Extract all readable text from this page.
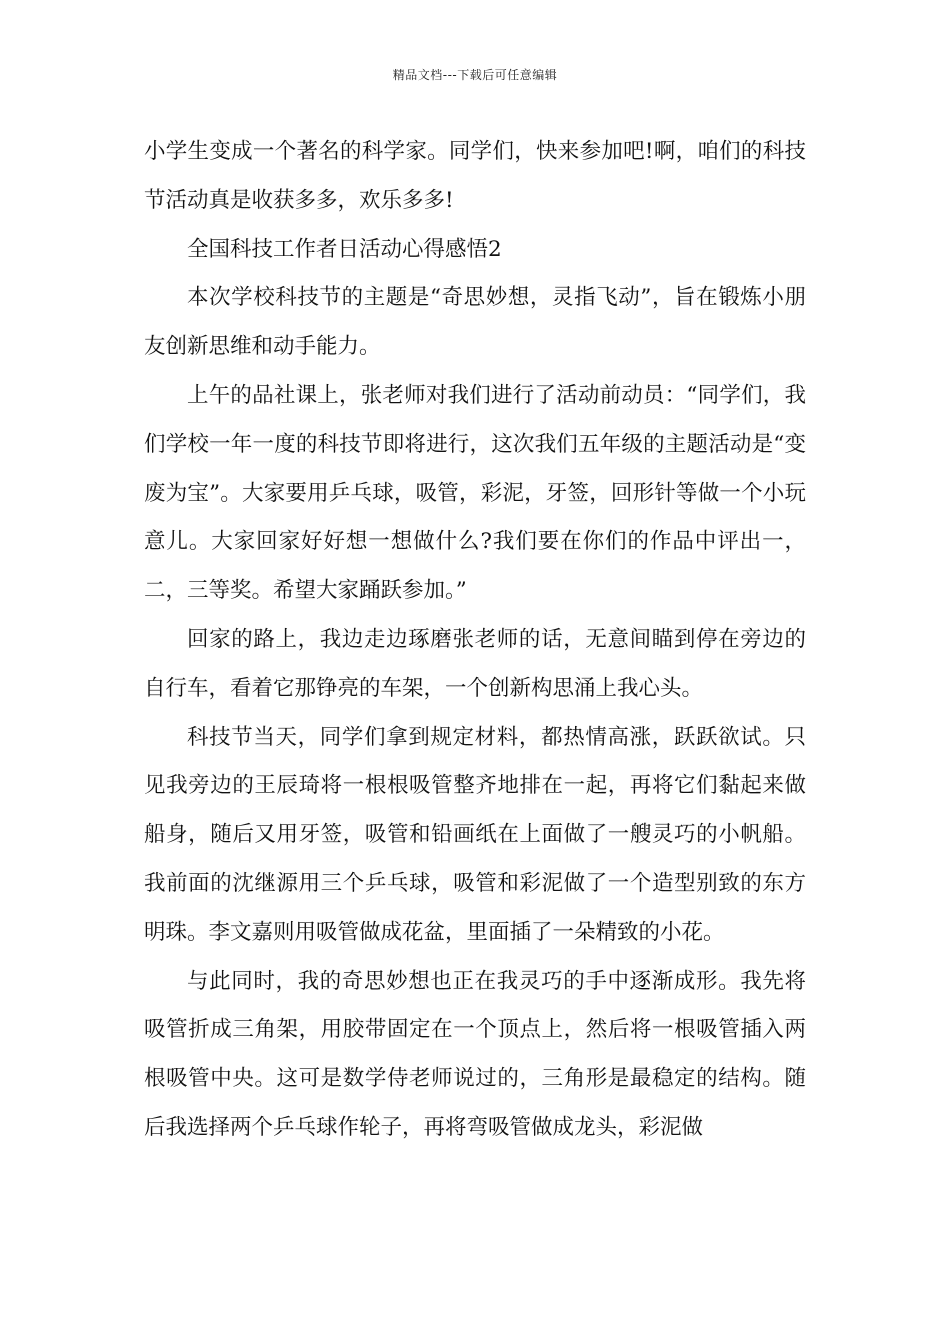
精品文档---下载后可任意编辑

小学生变成一个著名的科学家。同学们，快来参加吧!啊，咱们的科技节活动真是收获多多，欢乐多多!

全国科技工作者日活动心得感悟2

本次学校科技节的主题是“奇思妙想，灵指飞动”，旨在锻炼小朋友创新思维和动手能力。

上午的品社课上，张老师对我们进行了活动前动员：“同学们，我们学校一年一度的科技节即将进行，这次我们五年级的主题活动是“变废为宝”。大家要用乒乓球，吸管，彩泥，牙签，回形针等做一个小玩意儿。大家回家好好想一想做什么?我们要在你们的作品中评出一，二，三等奖。希望大家踊跃参加。”

回家的路上，我边走边琢磨张老师的话，无意间瞄到停在旁边的自行车，看着它那铮亮的车架，一个创新构思涌上我心头。

科技节当天，同学们拿到规定材料，都热情高涨，跃跃欲试。只见我旁边的王辰琦将一根根吸管整齐地排在一起，再将它们黏起来做船身，随后又用牙签，吸管和铅画纸在上面做了一艘灵巧的小帆船。我前面的沈继源用三个乒乓球，吸管和彩泥做了一个造型别致的东方明珠。李文嘉则用吸管做成花盆，里面插了一朵精致的小花。

与此同时，我的奇思妙想也正在我灵巧的手中逐渐成形。我先将吸管折成三角架，用胶带固定在一个顶点上，然后将一根吸管插入两根吸管中央。这可是数学侍老师说过的，三角形是最稳定的结构。随后我选择两个乒乓球作轮子，再将弯吸管做成龙头，彩泥做
